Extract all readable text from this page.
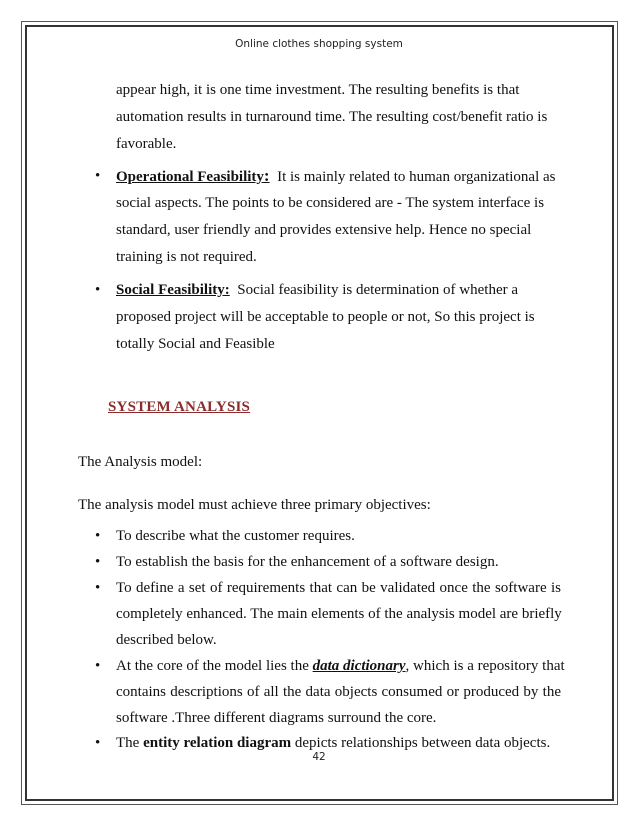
Online clothes shopping system
appear high, it is one time investment. The resulting benefits is that
automation results in turnaround time. The resulting cost/benefit ratio is
favorable.
• Operational Feasibility: It is mainly related to human organizational as
social aspects. The points to be considered are - The system interface is
standard, user friendly and provides extensive help. Hence no special
training is not required.
• Social Feasibility: Social feasibility is determination of whether a
proposed project will be acceptable to people or not, So this project is
totally Social and Feasible
SYSTEM ANALYSIS
The Analysis model:
The analysis model must achieve three primary objectives:
• To describe what the customer requires.
• To establish the basis for the enhancement of a software design.
• To define a set of requirements that can be validated once the software is
completely enhanced. The main elements of the analysis model are briefly
described below.
• At the core of the model lies the data dictionary, which is a repository that
contains descriptions of all the data objects consumed or produced by the
software .Three different diagrams surround the core.
• The entity relation diagram depicts relationships between data objects.
42
